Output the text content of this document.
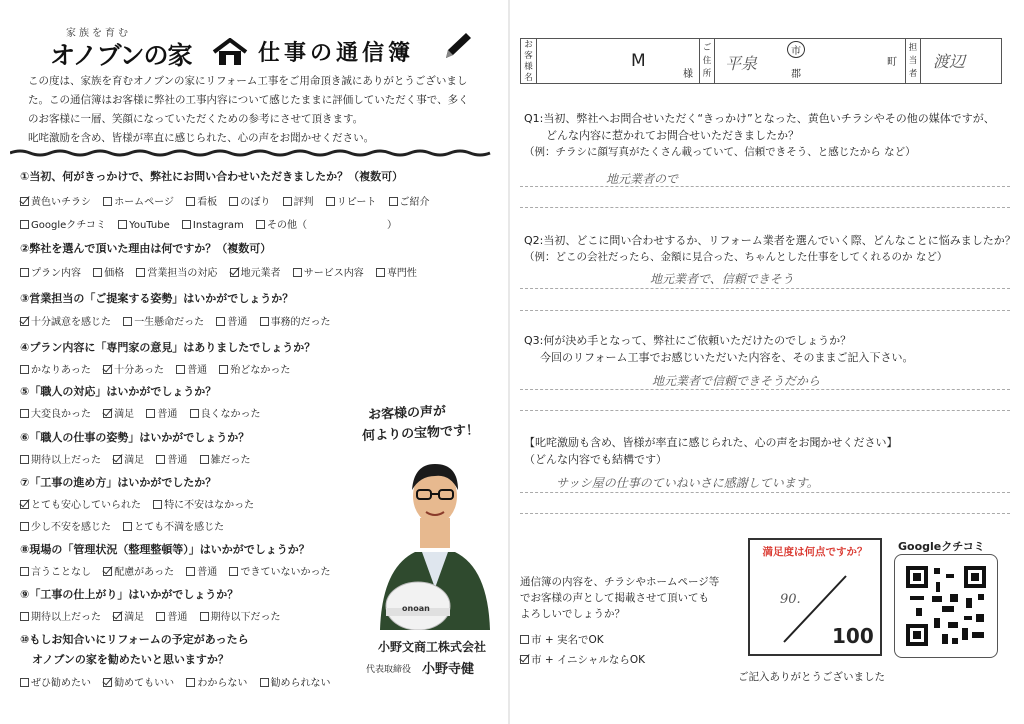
家族を育む
オノブンの家	仕事の通信簿
この度は、家族を育むオノブンの家にリフォーム工事をご用命頂き誠にありがとうございまし
た。この通信簿はお客様に弊社の工事内容について感じたままに評価していただく事で、多く
のお客様に一層、笑顔になっていただくための参考にさせて頂きます。
叱咤激励を含め、皆様が率直に感じられた、心の声をお聞かせください。
①当初、何がきっかけで、弊社にお問い合わせいただきましたか？（複数可）
黄色いチラシ ホームページ 看板 のぼり 評判 リピート ご紹介
Googleクチコミ YouTube Instagram その他（　　　　　　　　）
②弊社を選んで頂いた理由は何ですか？（複数可）
プラン内容 価格 営業担当の対応 地元業者 サービス内容 専門性
③営業担当の「ご提案する姿勢」はいかがでしょうか？
十分誠意を感じた 一生懸命だった 普通 事務的だった
④プラン内容に「専門家の意見」はありましたでしょうか？
かなりあった 十分あった 普通 殆どなかった
⑤「職人の対応」はいかがでしょうか？
大変良かった 満足 普通 良くなかった
⑥「職人の仕事の姿勢」はいかがでしょうか？
期待以上だった 満足 普通 雑だった
⑦「工事の進め方」はいかがでしたか？
とても安心していられた 特に不安はなかった
少し不安を感じた とても不満を感じた
⑧現場の「管理状況（整理整頓等）」はいかがでしょうか？
言うことなし 配慮があった 普通 できていないかった
⑨「工事の仕上がり」はいかがでしょうか？
期待以上だった 満足 普通 期待以下だった
⑩もしお知合いにリフォームの予定があったら
オノブンの家を勧めたいと思いますか？
ぜひ勧めたい 勧めてもいい わからない 勧められない
お客様の声が
何よりの宝物です！
onoan
小野文商工株式会社
代表取締役 小野寺健
お客様名
M
様
ご住所
平泉
市
郡
町
担当者
渡辺
Q1:当初、弊社へお問合せいただく“きっかけ”となった、黄色いチラシやその他の媒体ですが、
どんな内容に惹かれてお問合せいただきましたか？
（例：チラシに顔写真がたくさん載っていて、信頼できそう、と感じたから など）
地元業者ので
Q2:当初、どこに問い合わせするか、リフォーム業者を選んでいく際、どんなことに悩みましたか？
（例：どこの会社だったら、金額に見合った、ちゃんとした仕事をしてくれるのか など）
地元業者で、信頼できそう
Q3:何が決め手となって、弊社にご依頼いただけたのでしょうか？
今回のリフォーム工事でお感じいただいた内容を、そのままご記入下さい。
地元業者で信頼できそうだから
【叱咤激励も含め、皆様が率直に感じられた、心の声をお聞かせください】
（どんな内容でも結構です）
サッシ屋の仕事のていねいさに感謝しています。
通信簿の内容を、チラシやホームページ等
でお客様の声として掲載させて頂いても
よろしいでしょうか？
市 + 実名でOK
市 + イニシャルならOK
満足度は何点ですか？
90.
100
Googleクチコミ
ご記入ありがとうございました
